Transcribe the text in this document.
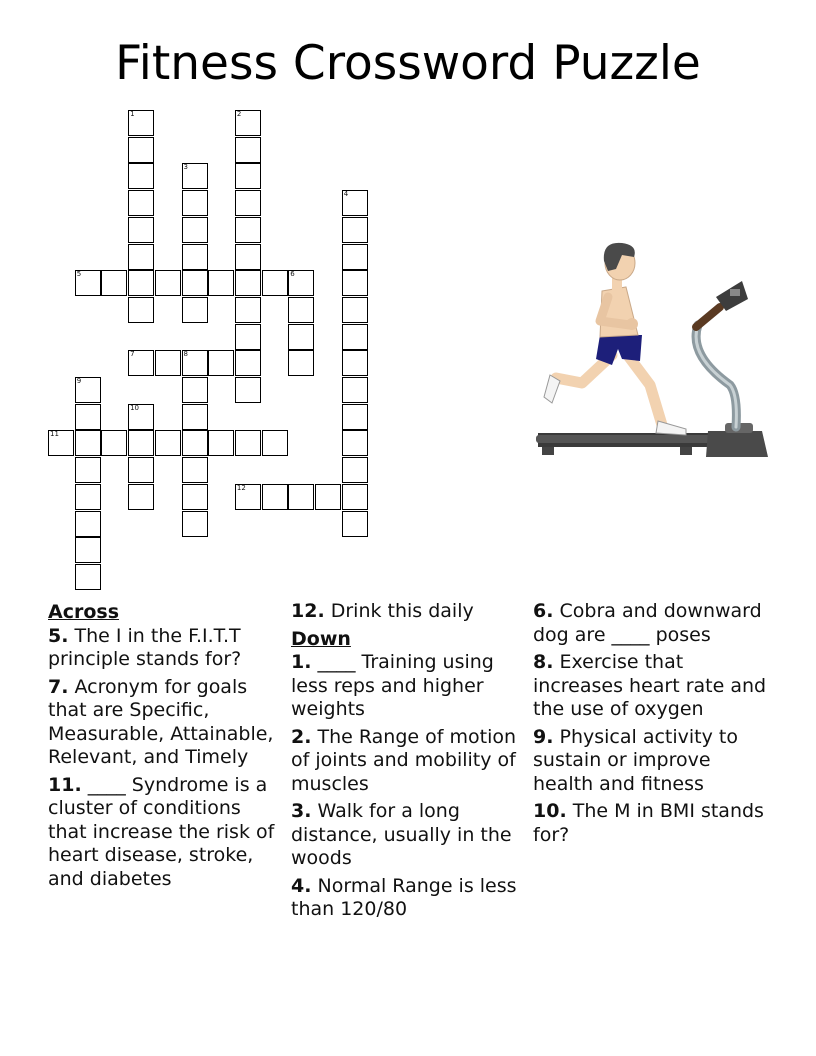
Fitness Crossword Puzzle
1	2
3
4
5	6
7	8
9
10
11
12
Across
5. The I in the F.I.T.T principle stands for?
7. Acronym for goals that are Specific, Measurable, Attainable, Relevant, and Timely
11. ____ Syndrome is a cluster of conditions that increase the risk of heart disease, stroke, and diabetes
12. Drink this daily
Down
1. ____ Training using less reps and higher weights
2. The Range of motion of joints and mobility of muscles
3. Walk for a long distance, usually in the woods
4. Normal Range is less than 120/80
6. Cobra and downward dog are ____ poses
8. Exercise that increases heart rate and the use of oxygen
9. Physical activity to sustain or improve health and fitness
10. The M in BMI stands for?
